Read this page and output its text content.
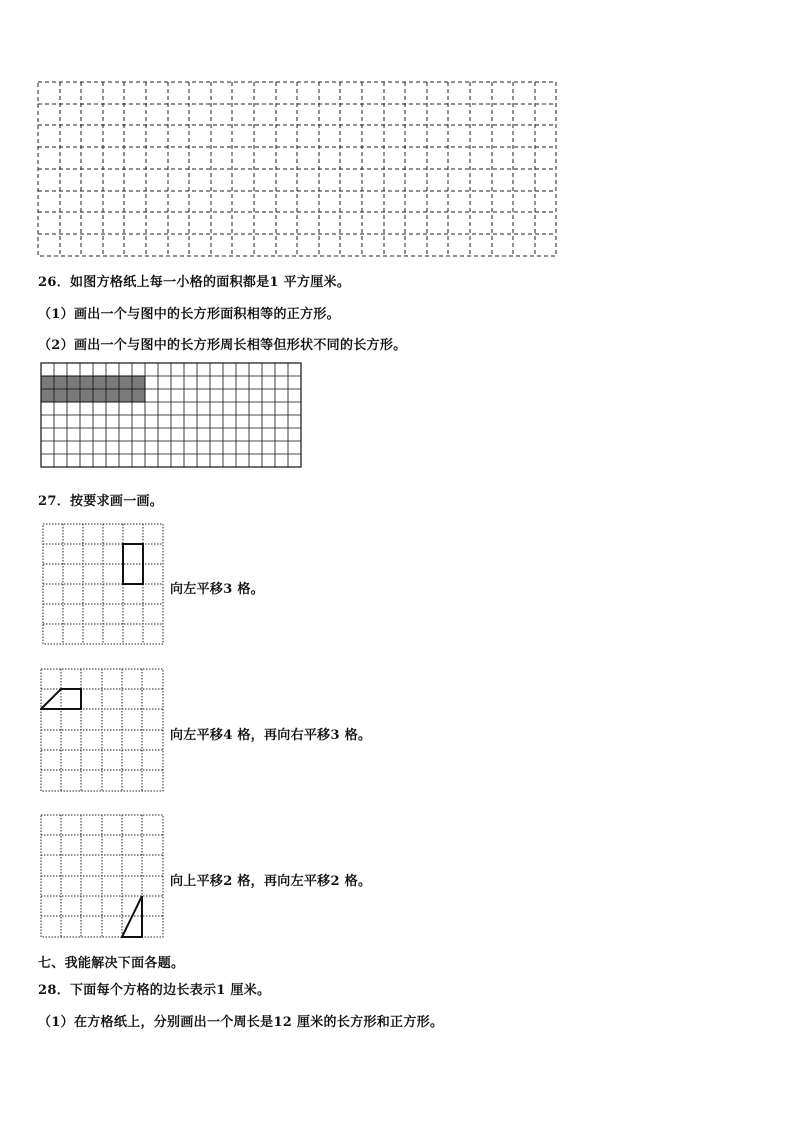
26．如图方格纸上每一小格的面积都是1 平方厘米。
（1）画出一个与图中的长方形面积相等的正方形。
（2）画出一个与图中的长方形周长相等但形状不同的长方形。
27．按要求画一画。
向左平移3 格。
向左平移4 格，再向右平移3 格。
向上平移2 格，再向左平移2 格。
七、我能解决下面各题。
28．下面每个方格的边长表示1 厘米。
（1）在方格纸上，分别画出一个周长是12 厘米的长方形和正方形。
